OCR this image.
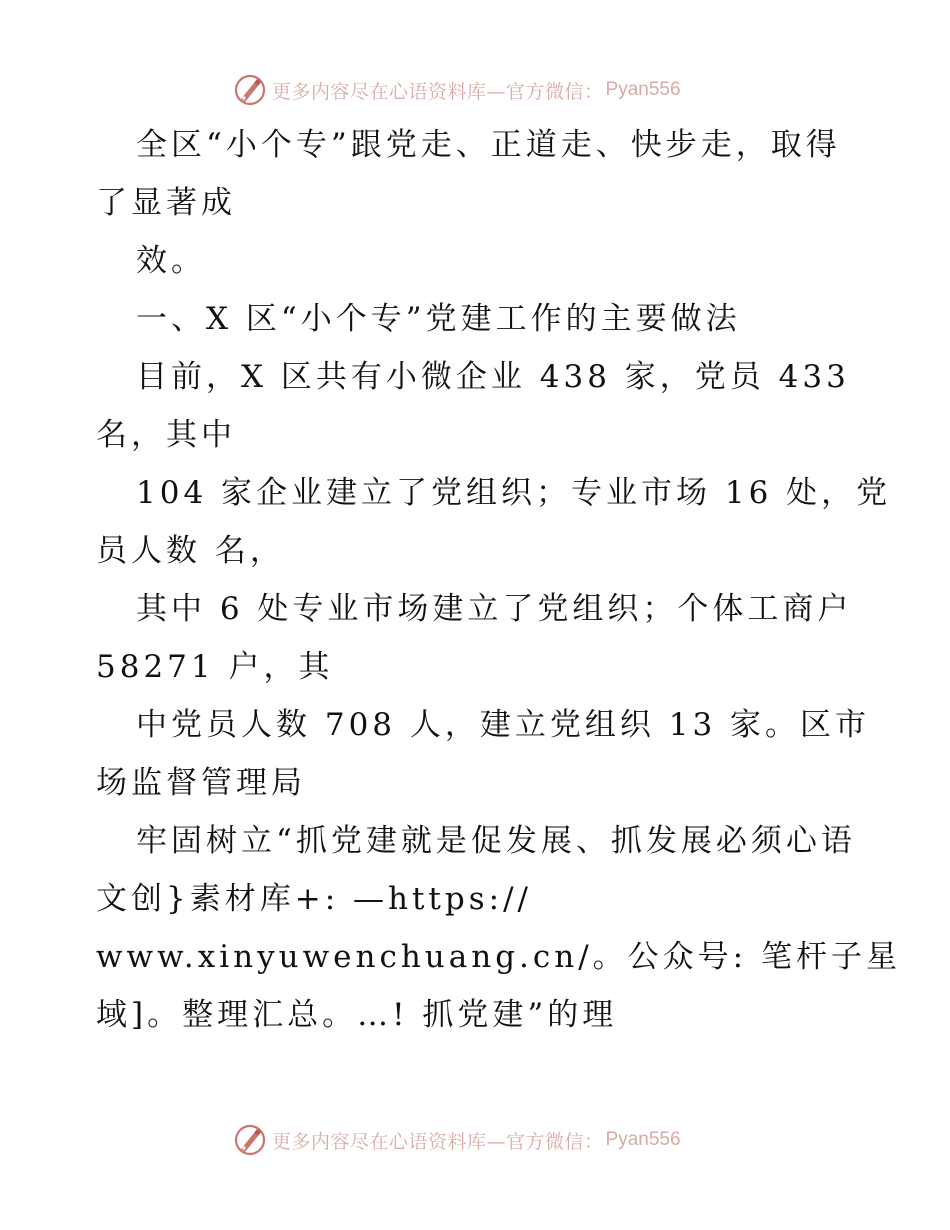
更多内容尽在心语资料库—官方微信： Pyan556
全区“小个专”跟党走、正道走、快步走，取得
了显著成
效。
一、X 区“小个专”党建工作的主要做法
目前，X 区共有小微企业 438 家，党员 433
名，其中
104 家企业建立了党组织；专业市场 16 处，党
员人数 名，
其中 6 处专业市场建立了党组织；个体工商户
58271 户，其
中党员人数 708 人，建立党组织 13 家。区市
场监督管理局
牢固树立“抓党建就是促发展、抓发展必须心语
文创}素材库+: —https://
www.xinyuwenchuang.cn/。公众号: 笔杆子星
域]。整理汇总。…! 抓党建”的理
更多内容尽在心语资料库—官方微信： Pyan556
